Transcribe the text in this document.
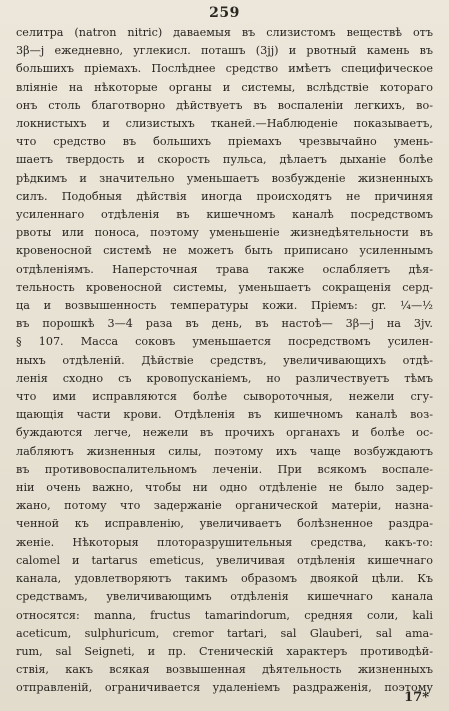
259
селитра (natron nitric) даваемыя въ слизистомъ веществѣ отъ
3β—j ежедневно, углекисл. поташъ (3jj) и рвотный камень въ
большихъ пріемахъ. Послѣднее средство имѣетъ специфическое
вліяніе на нѣкоторые органы и системы, вслѣдствіе котораго
онъ столь благотворно дѣйствуетъ въ воспаленіи легкихъ, во-
локнистыхъ и слизистыхъ тканей.—Наблюденіе показываетъ,
что средство въ большихъ пріемахъ чрезвычайно умень-
шаетъ твердость и скорость пульса, дѣлаетъ дыханіе болѣе
рѣдкимъ и значительно уменьшаетъ возбужденіе жизненныхъ
силъ. Подобныя дѣйствія иногда происходятъ не причиняя
усиленнаго отдѣленія въ кишечномъ каналѣ посредствомъ
рвоты или поноса, поэтому уменьшеніе жизнедѣятельности въ
кровеносной системѣ не можетъ быть приписано усиленнымъ
отдѣленіямъ. Наперсточная трава также ослабляетъ дѣя-
тельность кровеносной системы, уменьшаетъ сокращенія серд-
ца и возвышенность температуры кожи. Пріемъ: gr. ¼—½
въ порошкѣ 3—4 раза въ день, въ настоѣ— 3β—j на 3jv.
§ 107. Масса соковъ уменьшается посредствомъ усилен-
ныхъ отдѣленій. Дѣйствіе средствъ, увеличивающихъ отдѣ-
ленія сходно съ кровопусканіемъ, но различествуетъ тѣмъ
что ими исправляются болѣе сывороточныя, нежели сгу-
щающія части крови. Отдѣленія въ кишечномъ каналѣ воз-
буждаются легче, нежели въ прочихъ органахъ и болѣе ос-
лабляютъ жизненныя силы, поэтому ихъ чаще возбуждаютъ
въ противовоспалительномъ леченіи. При всякомъ воспале-
ніи очень важно, чтобы ни одно отдѣленіе не было задер-
жано, потому что задержаніе органической матеріи, назна-
ченной къ исправленію, увеличиваетъ болѣзненное раздра-
женіе. Нѣкоторыя плоторазрушительныя средства, какъ-то:
calomel и tartarus emeticus, увеличивая отдѣленія кишечнаго
канала, удовлетворяютъ такимъ образомъ двоякой цѣли. Къ
средствамъ, увеличивающимъ отдѣленія кишечнаго канала
относятся: manna, fructus tamarindorum, средняя соли, kali
aceticum, sulphuricum, cremor tartari, sal Glauberi, sal ama-
rum, sal Seigneti, и пр. Стеническій характеръ противодѣй-
ствія, какъ всякая возвышенная дѣятельность жизненныхъ
отправленій, ограничивается удаленіемъ раздраженія, поэтому
17*
